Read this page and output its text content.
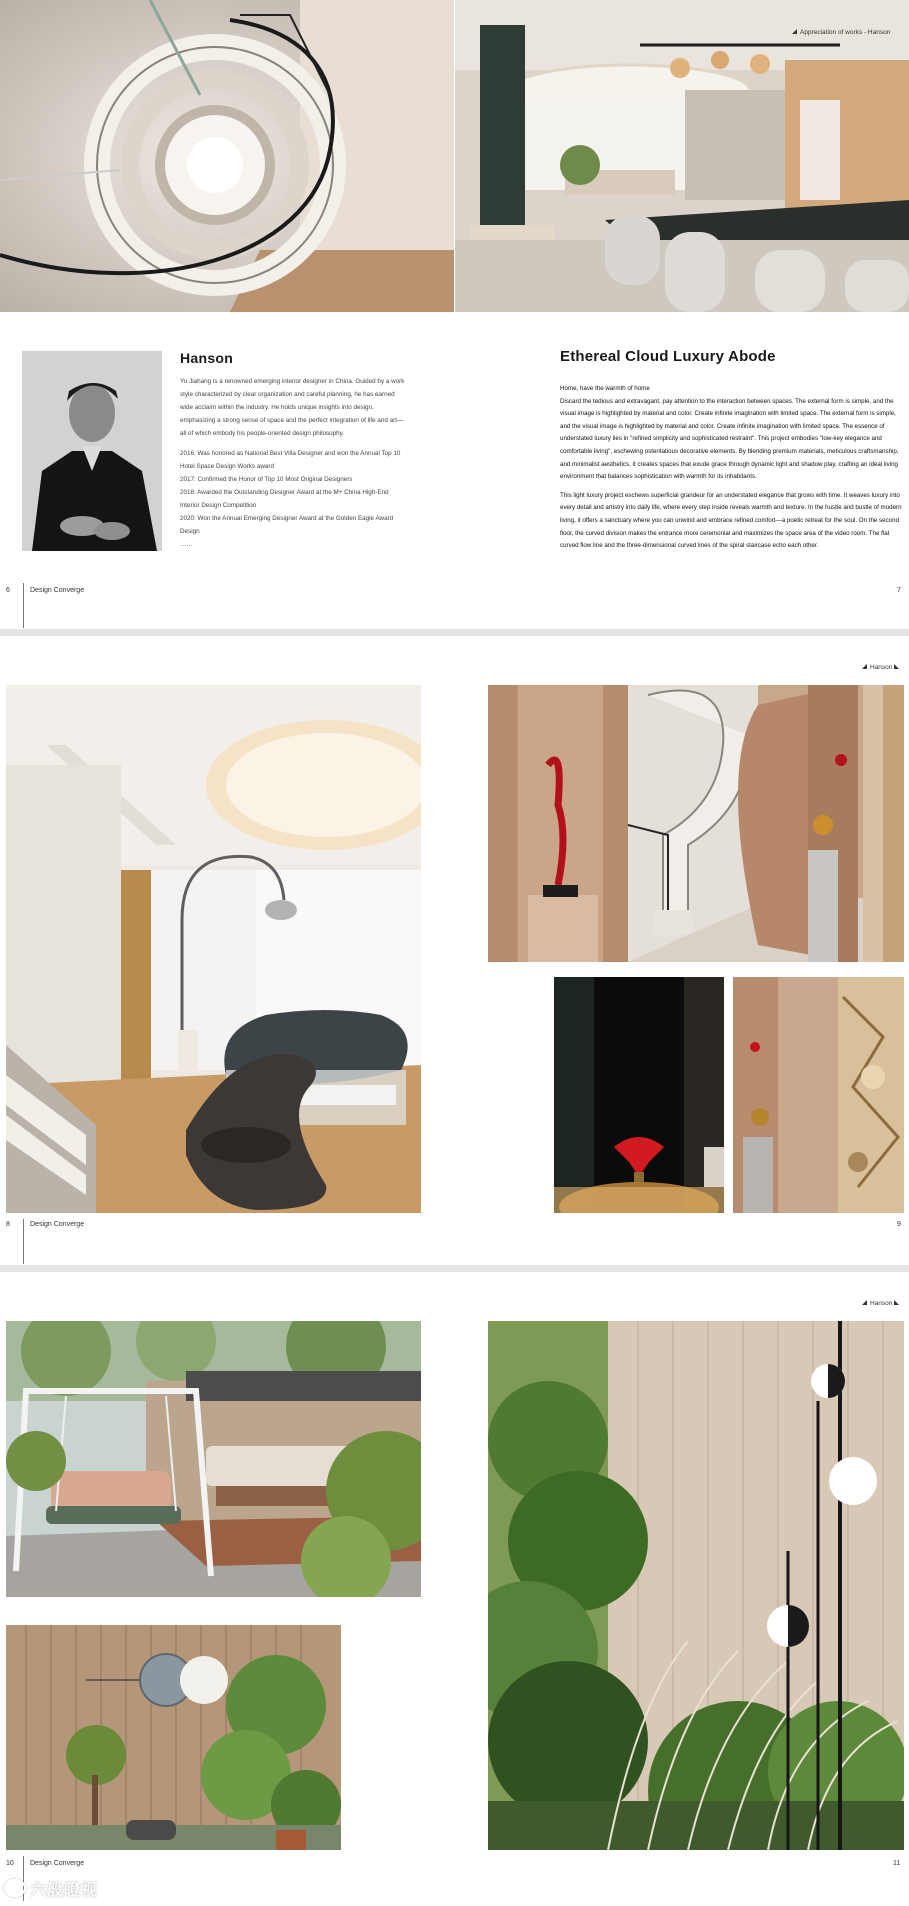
Appreciation of works - Hanson
Hanson

Yu Jiahang is a renowned emerging interior designer in China. Guided by a work style characterized by clear organization and careful planning, he has earned wide acclaim within the industry. He holds unique insights into design, emphasizing a strong sense of space and the perfect integration of life and art—all of which embody his people-oriented design philosophy.

2016: Was honored as National Best Villa Designer and won the Annual Top 10 Hotel Space Design Works award

2017: Confirmed the Honor of Top 10 Most Original Designers

2018: Awarded the Outstanding Designer Award at the M+ China High-End Interior Design Competition

2020: Won the Annual Emerging Designer Award at the Golden Eagle Award Design

……

Ethereal Cloud Luxury Abode

Home, have the warmth of home

Discard the tedious and extravagant, pay attention to the interaction between spaces. The external form is simple, and the visual image is highlighted by material and color. Create infinite imagination with limited space. The external form is simple, and the visual image is highlighted by material and color. Create infinite imagination with limited space. The essence of understated luxury lies in "refined simplicity and sophisticated restraint". This project embodies "low-key elegance and comfortable living", eschewing ostentatious decorative elements. By blending premium materials, meticulous craftsmanship, and minimalist aesthetics, it creates spaces that exude grace through dynamic light and shadow play, crafting an ideal living environment that balances sophistication with warmth for its inhabitants.

This light luxury project eschews superficial grandeur for an understated elegance that grows with time. It weaves luxury into every detail and artistry into daily life, where every step inside reveals warmth and texture. In the hustle and bustle of modern living, it offers a sanctuary where you can unwind and embrace refined comfort—a poetic retreat for the soul. On the second floor, the curved division makes the entrance more ceremonial and maximizes the space area of the video room. The flat curved flow line and the three-dimensional curved lines of the spiral staircase echo each other.

6	Design Converge	7
Hanson
8	Design Converge	9
Hanson
10 Design Converge	11
六般瞪视
